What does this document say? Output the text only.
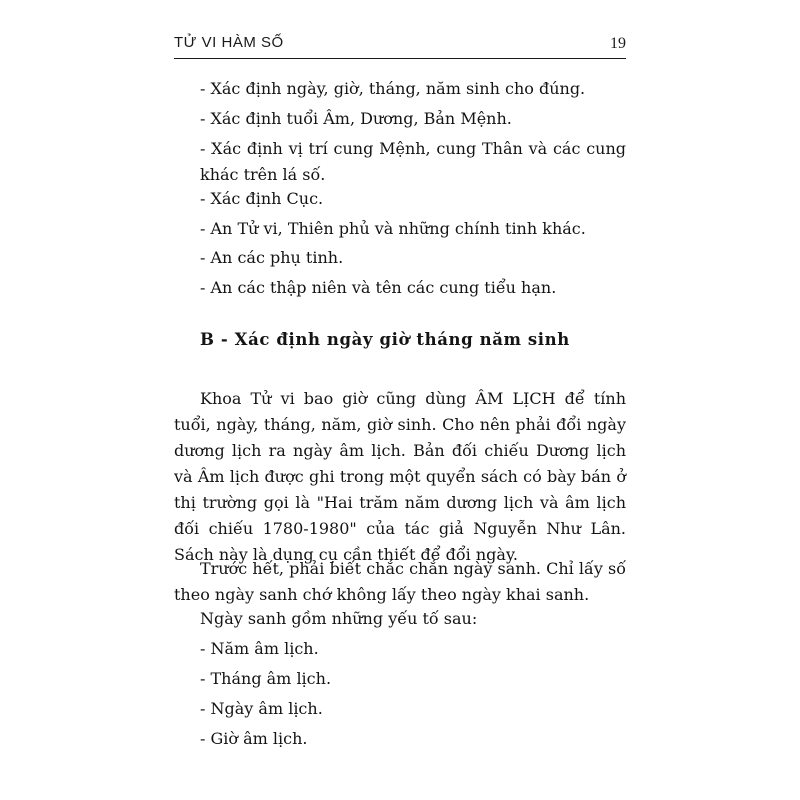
TỬ VI HÀM SỐ	19
- Xác định ngày, giờ, tháng, năm sinh cho đúng.
- Xác định tuổi Âm, Dương, Bản Mệnh.

- Xác định vị trí cung Mệnh, cung Thân và các cung khác trên lá số.

- Xác định Cục.
- An Tử vi, Thiên phủ và những chính tinh khác.
- An các phụ tinh.
- An các thập niên và tên các cung tiểu hạn.
B - Xác định ngày giờ tháng năm sinh

Khoa Tử vi bao giờ cũng dùng ÂM LỊCH để tính tuổi, ngày, tháng, năm, giờ sinh. Cho nên phải đổi ngày dương lịch ra ngày âm lịch. Bản đối chiếu Dương lịch và Âm lịch được ghi trong một quyển sách có bày bán ở thị trường gọi là "Hai trăm năm dương lịch và âm lịch đối chiếu 1780-1980" của tác giả Nguyễn Như Lân. Sách này là dụng cụ cần thiết để đổi ngày.

Trước hết, phải biết chắc chắn ngày sanh. Chỉ lấy số theo ngày sanh chớ không lấy theo ngày khai sanh.

Ngày sanh gồm những yếu tố sau:
- Năm âm lịch.
- Tháng âm lịch.
- Ngày âm lịch.
- Giờ âm lịch.
